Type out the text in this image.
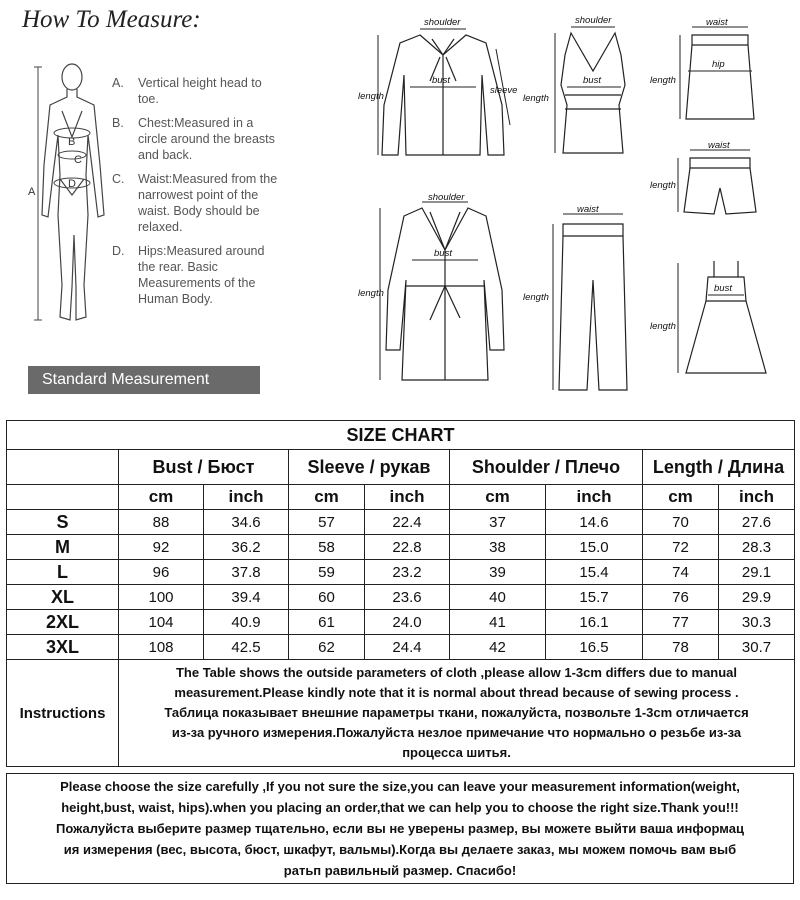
How To Measure:
A
B
C
D
A. Vertical height head to toe.
B. Chest:Measured in a circle around the breasts and back.
C. Waist:Measured from the narrowest point of the waist. Body should be relaxed.
D. Hips:Measured around the rear. Basic Measurements of the Human Body.
Standard Measurement
shoulder
bust
sleeve
length
shoulder
bust
length
waist
hip
length
waist
length
shoulder
bust
length
waist
length
bust
length
SIZE CHART								
	Bust / Бюст		Sleeve / рукав		Shoulder / Плечо		Length / Длина	
	cm	inch	cm	inch	cm	inch	cm	inch
S	88	34.6	57	22.4	37	14.6	70	27.6
M	92	36.2	58	22.8	38	15.0	72	28.3
L	96	37.8	59	23.2	39	15.4	74	29.1
XL	100	39.4	60	23.6	40	15.7	76	29.9
2XL	104	40.9	61	24.0	41	16.1	77	30.3
3XL	108	42.5	62	24.4	42	16.5	78	30.7
Instructions	The Table shows the outside parameters of cloth ,please allow 1-3cm differs due to manual
measurement.Please kindly note that it is normal about thread because of sewing process .
Таблица показывает внешние параметры ткани, пожалуйста, позвольте 1-3cm отличается
из-за ручного измерения.Пожалуйста незлое примечание что нормально о резьбе из-за
процесса шитья.							
Please choose the size carefully ,If you not sure the size,you can leave your measurement information(weight,
height,bust, waist, hips).when you placing an order,that we can help you to choose the right size.Thank you!!!
Пожалуйста выберите размер тщательно, если вы не уверены размер, вы можете выйти ваша информац
ия измерения (вес, высота, бюст, шкафут, вальмы).Когда вы делаете заказ, мы можем помочь вам выб
ратьп равильный размер. Спасибо!
